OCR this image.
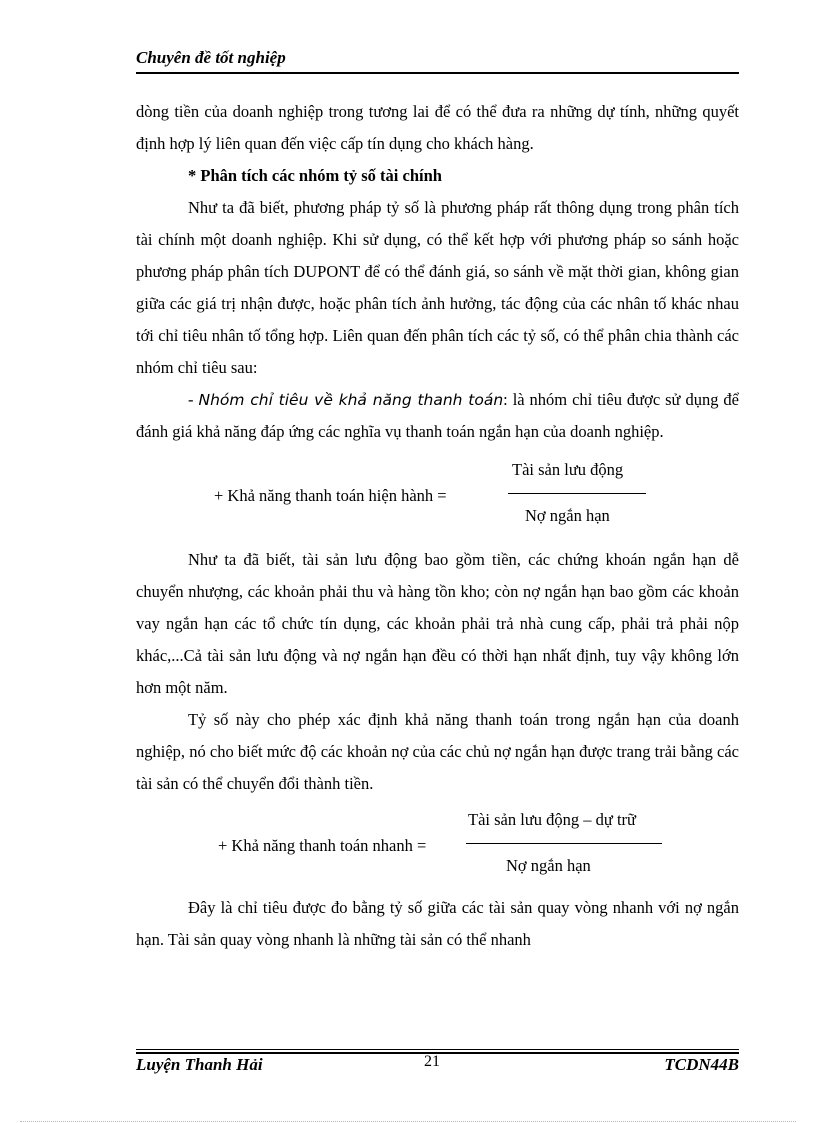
Chuyên đề tốt nghiệp

dòng tiền của doanh nghiệp trong tương lai để có thể đưa ra những dự tính, những quyết định hợp lý liên quan đến việc cấp tín dụng cho khách hàng.

* Phân tích các nhóm tỷ số tài chính

Như ta đã biết, phương pháp tỷ số là phương pháp rất thông dụng trong phân tích tài chính một doanh nghiệp. Khi sử dụng, có thể kết hợp với phương pháp so sánh hoặc phương pháp phân tích DUPONT để có thể đánh giá, so sánh về mặt thời gian, không gian giữa các giá trị nhận được, hoặc phân tích ảnh hưởng, tác động của các nhân tố khác nhau tới chỉ tiêu nhân tố tổng hợp. Liên quan đến phân tích các tỷ số, có thể phân chia thành các nhóm chỉ tiêu sau:

- Nhóm chỉ tiêu về khả năng thanh toán: là nhóm chỉ tiêu được sử dụng để đánh giá khả năng đáp ứng các nghĩa vụ thanh toán ngắn hạn của doanh nghiệp.

+ Khả năng thanh toán hiện hành =
Tài sản lưu động
Nợ ngắn hạn

Như ta đã biết, tài sản lưu động bao gồm tiền, các chứng khoán ngắn hạn dễ chuyển nhượng, các khoản phải thu và hàng tồn kho; còn nợ ngắn hạn bao gồm các khoản vay ngắn hạn các tổ chức tín dụng, các khoản phải trả nhà cung cấp, phải trả phải nộp khác,...Cả tài sản lưu động và nợ ngắn hạn đều có thời hạn nhất định, tuy vậy không lớn hơn một năm.

Tỷ số này cho phép xác định khả năng thanh toán trong ngắn hạn của doanh nghiệp, nó cho biết mức độ các khoản nợ của các chủ nợ ngắn hạn được trang trải bằng các tài sản có thể chuyển đổi thành tiền.

+ Khả năng thanh toán nhanh =
Tài sản lưu động – dự trữ
Nợ ngắn hạn

Đây là chỉ tiêu được đo bằng tỷ số giữa các tài sản quay vòng nhanh với nợ ngắn hạn. Tài sản quay vòng nhanh là những tài sản có thể nhanh

Luyện Thanh Hải	21	TCDN44B
